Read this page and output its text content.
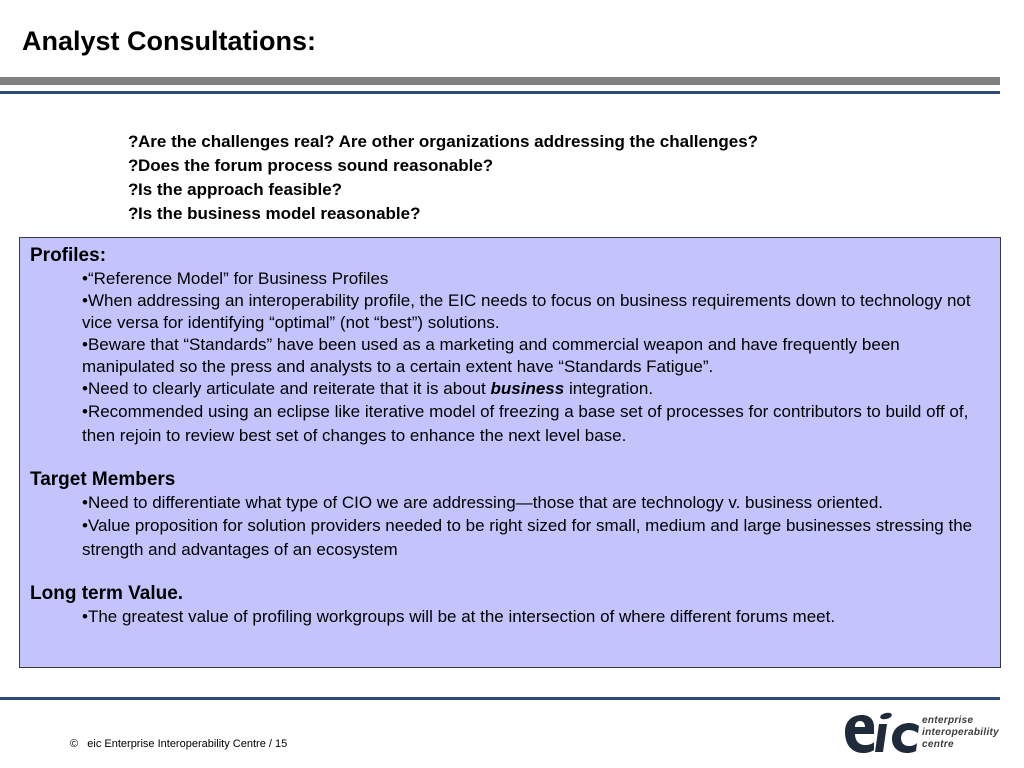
Analyst Consultations:
?Are the challenges real? Are other organizations addressing the challenges?
?Does the forum process sound reasonable?
?Is the approach feasible?
?Is the business model reasonable?

Profiles:

•“Reference Model” for Business Profiles
•When addressing an interoperability profile, the EIC needs to focus on business requirements down to technology not vice versa for identifying “optimal” (not “best”) solutions.
•Beware that “Standards” have been used as a marketing and commercial weapon and have frequently been manipulated so the press and analysts to a certain extent have “Standards Fatigue”.
•Need to clearly articulate and reiterate that it is about business integration.
•Recommended using an eclipse like iterative model of freezing a base set of processes for contributors to build off of, then rejoin to review best set of changes to enhance the next level base.

Target Members

•Need to differentiate what type of CIO we are addressing—those that are technology v. business oriented.
•Value proposition for solution providers needed to be right sized for small, medium and large businesses stressing the strength and advantages of an ecosystem

Long term Value.

•The greatest value of profiling workgroups will be at the intersection of where different forums meet.
© eic Enterprise Interoperability Centre / 15
enterprise
interoperability
centre
